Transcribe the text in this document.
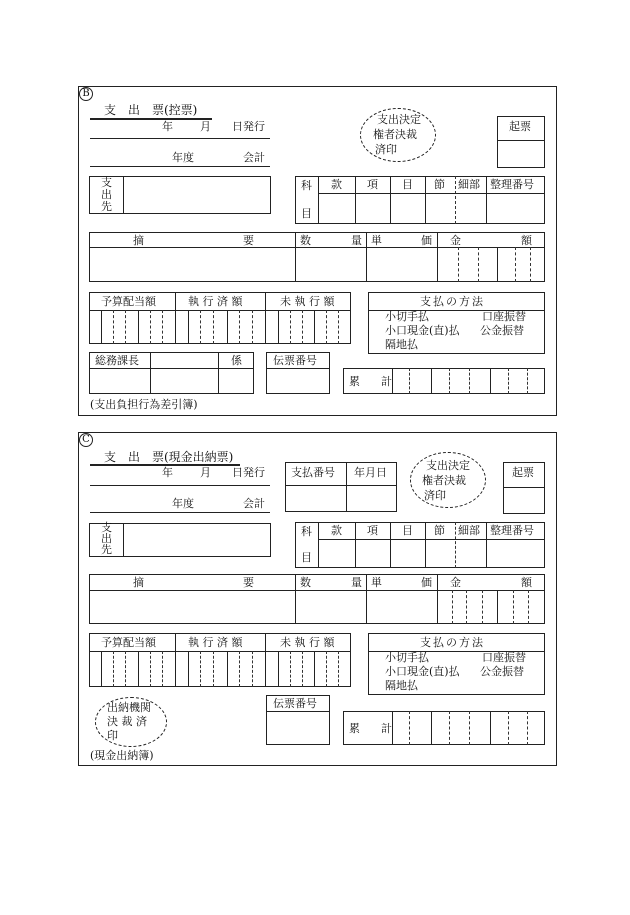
B
支　出　票(控票)
年 月 日発行
年度	会計
支出決定
権者決裁
済印
起票
支
出
先
科
目
款 項 目 節 細部 整理番号
摘	要	数	量 単	価 金	額
予算配当額	執 行 済 額	未 執 行 額	支払の方法
小切手払	口座振替
小口現金(直)払 公金振替
隔地払
総務課長	係	伝票番号
累 計
(支出負担行為差引簿)
C
支　出　票(現金出納票)
年 月 日発行
年度	会計
支払番号 年月日
支出決定
権者決裁
済印
起票
支
出
先
科
目
款 項 目 節 細部 整理番号
摘	要	数	量 単	価 金	額
予算配当額	執 行 済 額	未 執 行 額	支払の方法
小切手払	口座振替
小口現金(直)払 公金振替
隔地払
出納機関
決 裁 済
印
伝票番号
累 計
(現金出納簿)
